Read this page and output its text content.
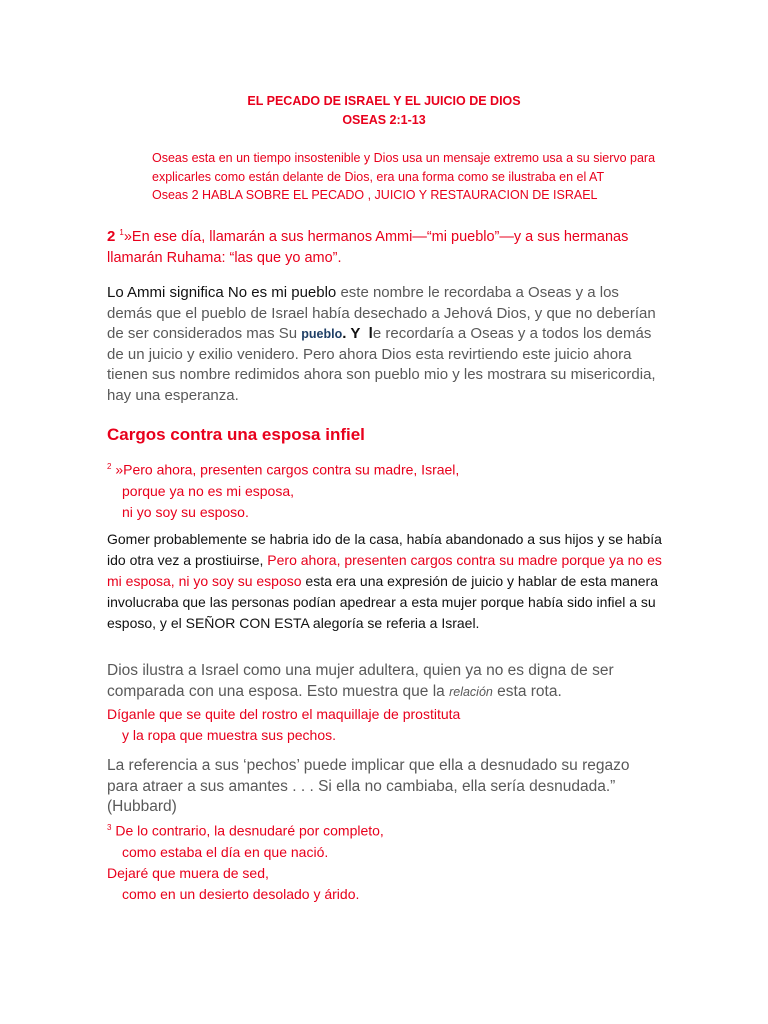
EL PECADO DE ISRAEL Y EL JUICIO DE DIOS
OSEAS 2:1-13
Oseas esta en un tiempo insostenible y Dios usa un mensaje extremo usa a su siervo para
explicarles como están delante de Dios, era una forma como se ilustraba en el AT
Oseas 2 HABLA SOBRE EL PECADO , JUICIO Y RESTAURACION DE ISRAEL
2 $^1$»En ese día, llamarán a sus hermanos Ammi—“mi pueblo”—y a sus hermanas llamarán Ruhama: “las que yo amo”.
Lo Ammi significa No es mi pueblo este nombre le recordaba a Oseas y a los demás que el pueblo de Israel había desechado a Jehová Dios, y que no deberían de ser considerados mas Su pueblo. Y le recordaría a Oseas y a todos los demás de un juicio y exilio venidero. Pero ahora Dios esta revirtiendo este juicio ahora tienen sus nombre redimidos ahora son pueblo mio y les mostrara su misericordia, hay una esperanza.
Cargos contra una esposa infiel
$^2$ »Pero ahora, presenten cargos contra su madre, Israel,
porque ya no es mi esposa,
ni yo soy su esposo.
Gomer probablemente se habria ido de la casa, había abandonado a sus hijos y se había ido otra vez a prostiuirse, Pero ahora, presenten cargos contra su madre porque ya no es mi esposa, ni yo soy su esposo esta era una expresión de juicio y hablar de esta manera involucraba que las personas podían apedrear a esta mujer porque había sido infiel a su esposo, y el SEÑOR CON ESTA alegoría se referia a Israel.
Dios ilustra a Israel como una mujer adultera, quien ya no es digna de ser comparada con una esposa. Esto muestra que la relación esta rota.
Díganle que se quite del rostro el maquillaje de prostituta
y la ropa que muestra sus pechos.
La referencia a sus ‘pechos’ puede implicar que ella a desnudado su regazo para atraer a sus amantes . . . Si ella no cambiaba, ella sería desnudada.” (Hubbard)
$^3$ De lo contrario, la desnudaré por completo,
como estaba el día en que nació.
Dejaré que muera de sed,
como en un desierto desolado y árido.
